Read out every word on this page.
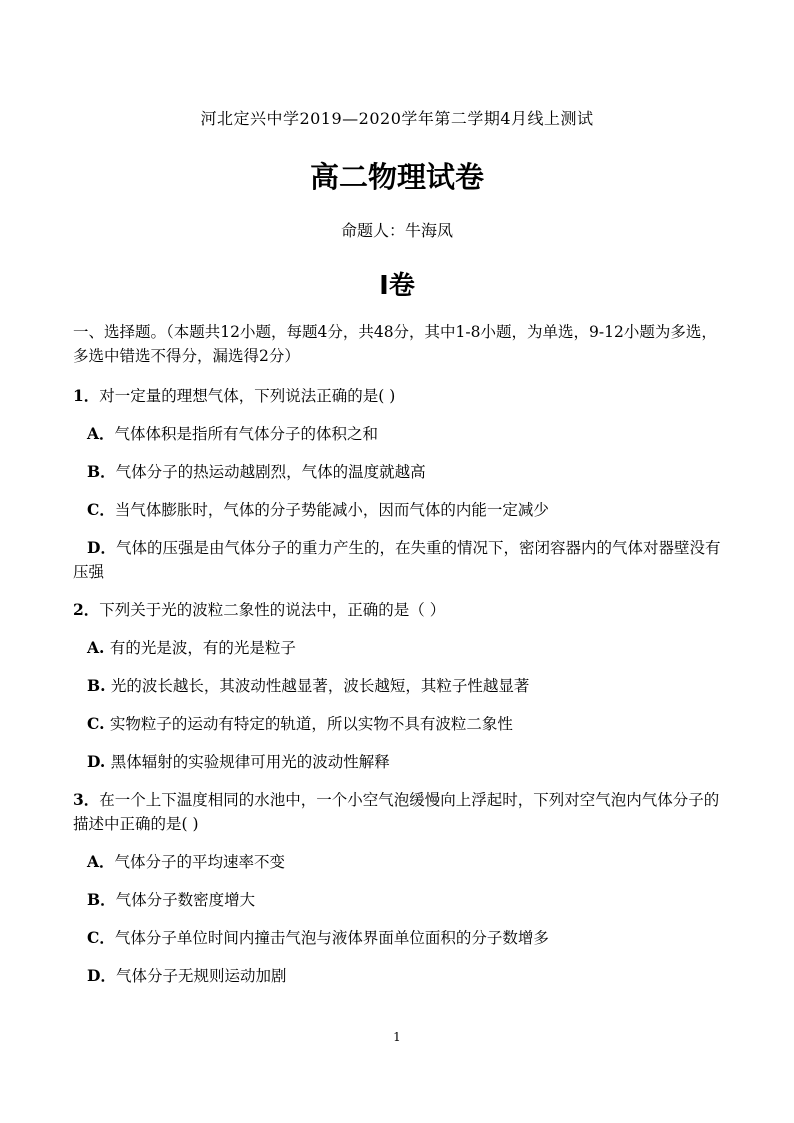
河北定兴中学2019—2020学年第二学期4月线上测试
高二物理试卷
命题人：牛海凤
Ⅰ卷

一、选择题。（本题共12小题，每题4分，共48分，其中1-8小题，为单选，9-12小题为多选，多选中错选不得分，漏选得2分）

1．对一定量的理想气体，下列说法正确的是( )

A．气体体积是指所有气体分子的体积之和

B．气体分子的热运动越剧烈，气体的温度就越高

C．当气体膨胀时，气体的分子势能减小，因而气体的内能一定减少

D．气体的压强是由气体分子的重力产生的，在失重的情况下，密闭容器内的气体对器壁没有压强

2．下列关于光的波粒二象性的说法中，正确的是（ ）

A. 有的光是波，有的光是粒子

B. 光的波长越长，其波动性越显著，波长越短，其粒子性越显著

C. 实物粒子的运动有特定的轨道，所以实物不具有波粒二象性

D. 黑体辐射的实验规律可用光的波动性解释

3．在一个上下温度相同的水池中，一个小空气泡缓慢向上浮起时，下列对空气泡内气体分子的描述中正确的是( )

A．气体分子的平均速率不变

B．气体分子数密度增大

C．气体分子单位时间内撞击气泡与液体界面单位面积的分子数增多

D．气体分子无规则运动加剧

1
